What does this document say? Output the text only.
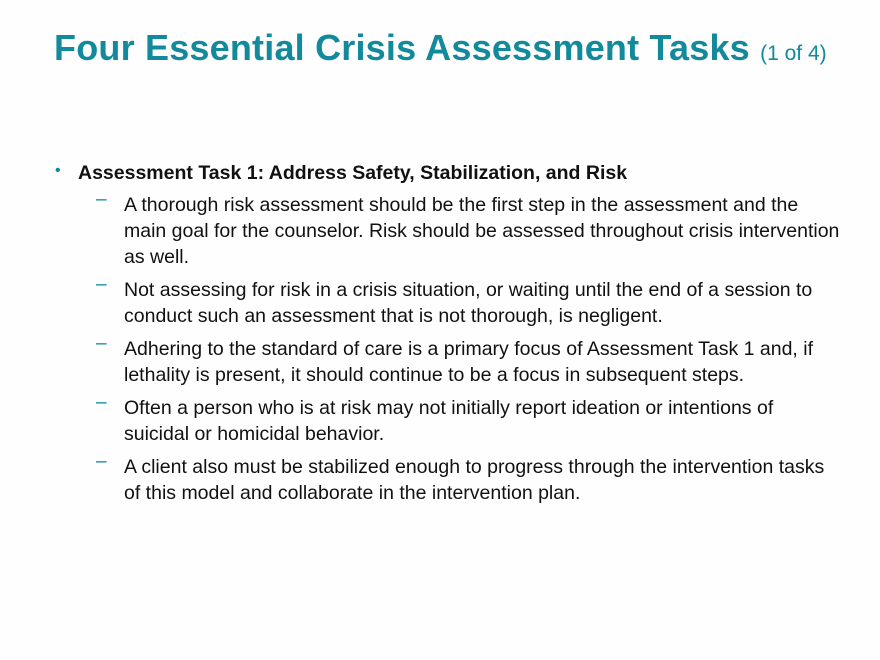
Four Essential Crisis Assessment Tasks (1 of 4)
• Assessment Task 1: Address Safety, Stabilization, and Risk
– A thorough risk assessment should be the first step in the assessment and the main goal for the counselor. Risk should be assessed throughout crisis intervention as well.
– Not assessing for risk in a crisis situation, or waiting until the end of a session to conduct such an assessment that is not thorough, is negligent.
– Adhering to the standard of care is a primary focus of Assessment Task 1 and, if lethality is present, it should continue to be a focus in subsequent steps.
– Often a person who is at risk may not initially report ideation or intentions of suicidal or homicidal behavior.
– A client also must be stabilized enough to progress through the intervention tasks of this model and collaborate in the intervention plan.
